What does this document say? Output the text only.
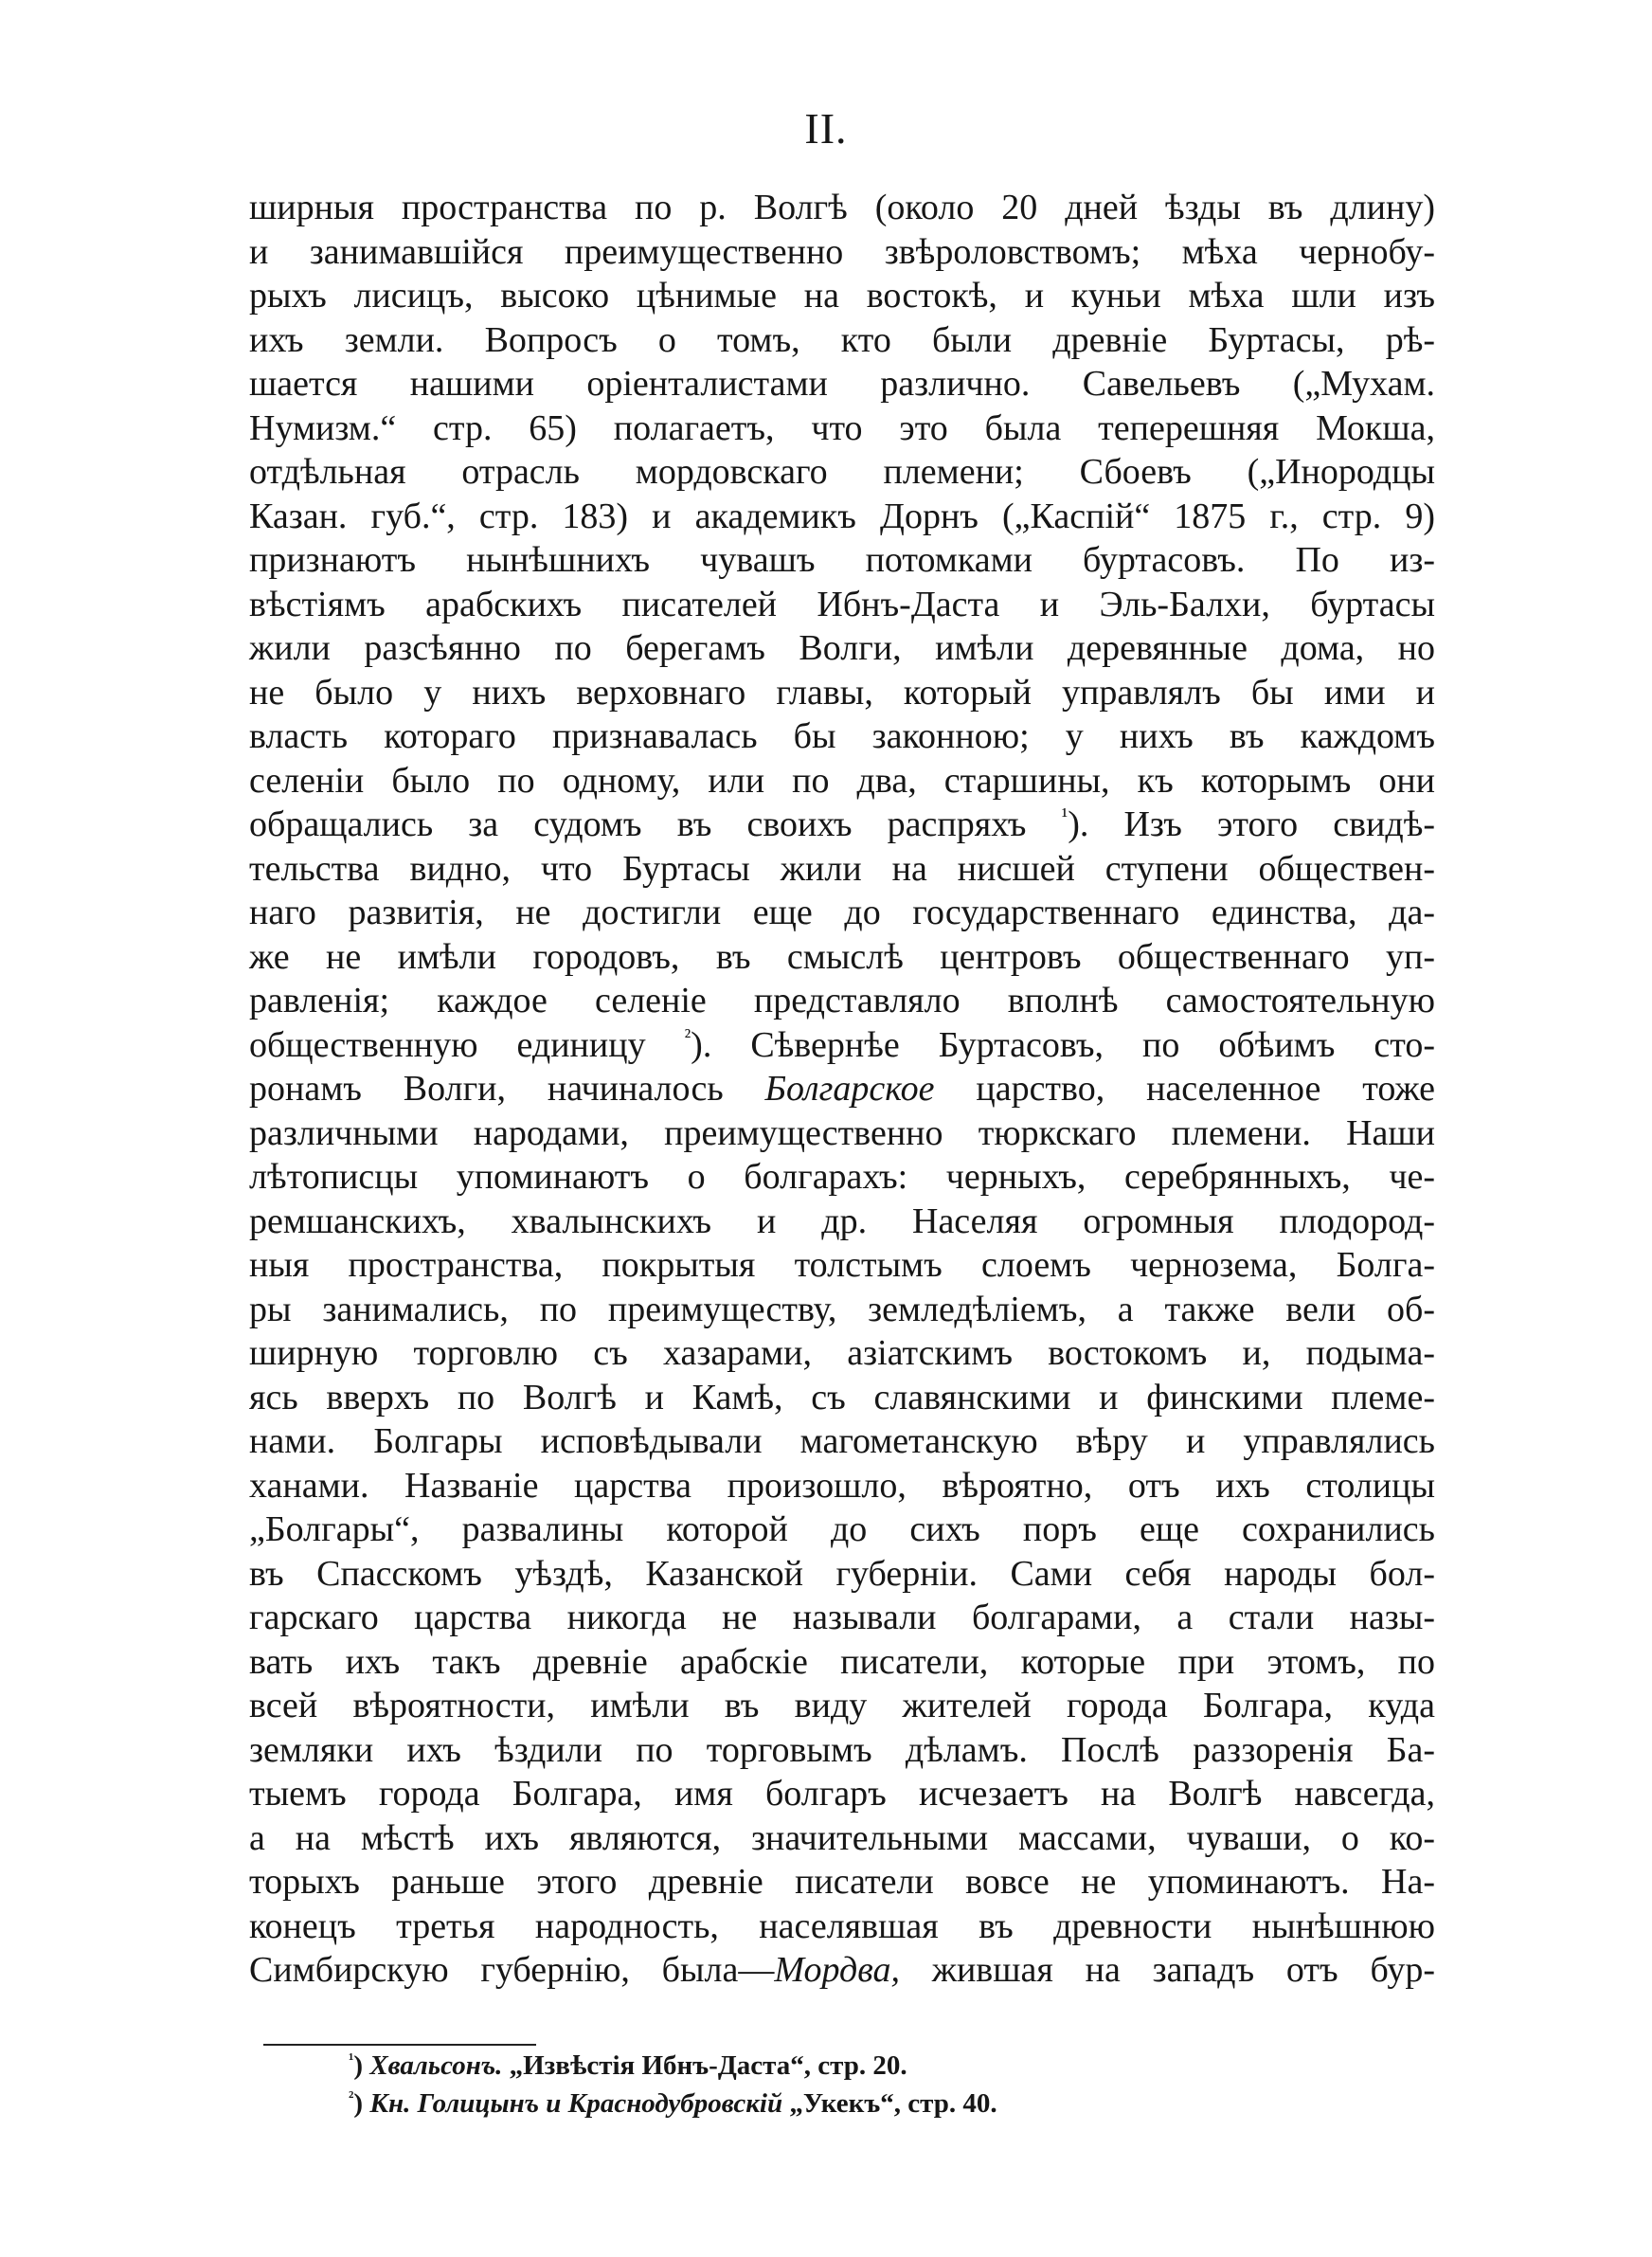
II.
ширныя пространства по р. Волгѣ (около 20 дней ѣзды въ длину)
и занимавшійся преимущественно звѣроловствомъ; мѣха чернобу-
рыхъ лисицъ, высоко цѣнимые на востокѣ, и куньи мѣха шли изъ
ихъ земли. Вопросъ о томъ, кто были древніе Буртасы, рѣ-
шается нашими оріенталистами различно. Савельевъ („Мухам.
Нумизм.“ стр. 65) полагаетъ, что это была теперешняя Мокша,
отдѣльная отрасль мордовскаго племени; Сбоевъ („Инородцы
Казан. губ.“, стр. 183) и академикъ Дорнъ („Каспій“ 1875 г., стр. 9)
признаютъ нынѣшнихъ чувашъ потомками буртасовъ. По из-
вѣстіямъ арабскихъ писателей Ибнъ-Даста и Эль-Балхи, буртасы
жили разсѣянно по берегамъ Волги, имѣли деревянные дома, но
не было у нихъ верховнаго главы, который управлялъ бы ими и
власть котораго признавалась бы законною; у нихъ въ каждомъ
селеніи было по одному, или по два, старшины, къ которымъ они
обращались за судомъ въ своихъ распряхъ $^{^1}$). Изъ этого свидѣ-
тельства видно, что Буртасы жили на нисшей ступени обществен-
наго развитія, не достигли еще до государственнаго единства, да-
же не имѣли городовъ, въ смыслѣ центровъ общественнаго уп-
равленія; каждое селеніе представляло вполнѣ самостоятельную
общественную единицу $^{^2}$). Сѣвернѣе Буртасовъ, по обѣимъ сто-
ронамъ Волги, начиналось Болгарское царство, населенное тоже
различными народами, преимущественно тюркскаго племени. Наши
лѣтописцы упоминаютъ о болгарахъ: черныхъ, серебрянныхъ, че-
ремшанскихъ, хвалынскихъ и др. Населяя огромныя плодород-
ныя пространства, покрытыя толстымъ слоемъ чернозема, Болга-
ры занимались, по преимуществу, земледѣліемъ, а также вели об-
ширную торговлю съ хазарами, азіатскимъ востокомъ и, подыма-
ясь вверхъ по Волгѣ и Камѣ, съ славянскими и финскими племе-
нами. Болгары исповѣдывали магометанскую вѣру и управлялись
ханами. Названіе царства произошло, вѣроятно, отъ ихъ столицы
„Болгары“, развалины которой до сихъ поръ еще сохранились
въ Спасскомъ уѣздѣ, Казанской губерніи. Сами себя народы бол-
гарскаго царства никогда не называли болгарами, а стали назы-
вать ихъ такъ древніе арабскіе писатели, которые при этомъ, по
всей вѣроятности, имѣли въ виду жителей города Болгара, куда
земляки ихъ ѣздили по торговымъ дѣламъ. Послѣ раззоренія Ба-
тыемъ города Болгара, имя болгаръ исчезаетъ на Волгѣ навсегда,
а на мѣстѣ ихъ являются, значительными массами, чуваши, о ко-
торыхъ раньше этого древніе писатели вовсе не упоминаютъ. На-
конецъ третья народность, населявшая въ древности нынѣшнюю
Симбирскую губернію, была—Мордва, жившая на западъ отъ бур-
$^{^1}$) Хвальсонъ. „Извѣстія Ибнъ-Даста“, стр. 20.
$^{^2}$) Кн. Голицынъ и Краснодубровскій „Укекъ“, стр. 40.
